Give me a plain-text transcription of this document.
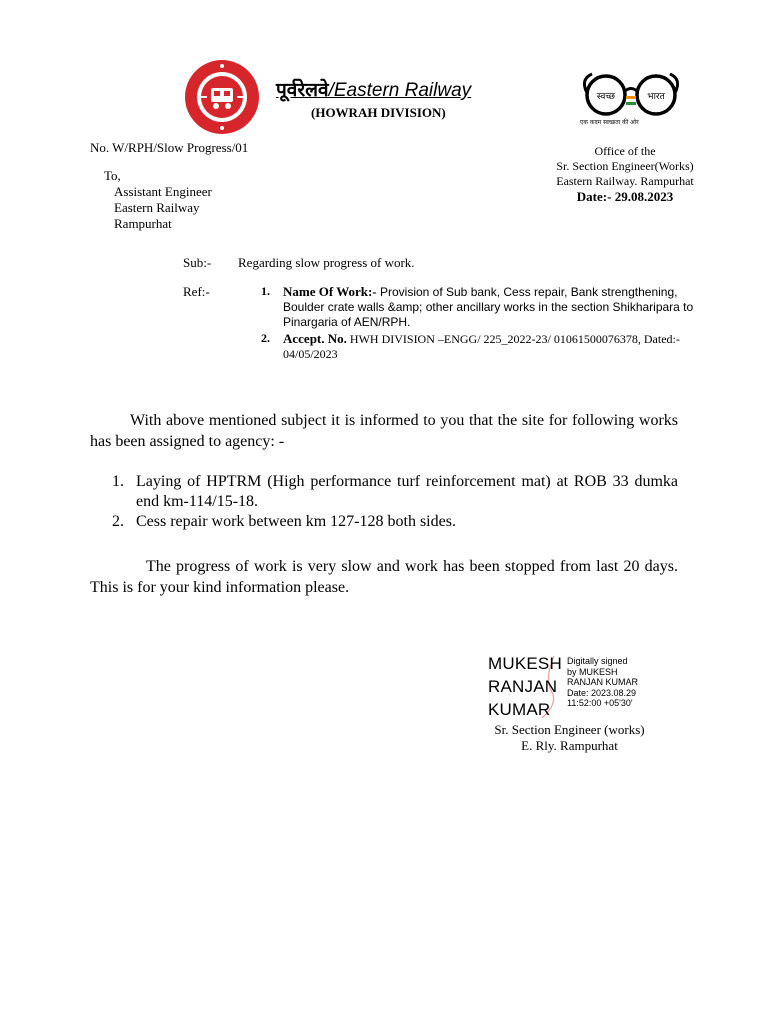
पूर्वरेलवे/Eastern Railway
(HOWRAH DIVISION)
स्वच्छ	भारत
एक कदम स्वच्छता की ओर
No. W/RPH/Slow Progress/01	Office of the
Sr. Section Engineer(Works)
Eastern Railway. Rampurhat
Date:- 29.08.2023
To,
Assistant Engineer
Eastern Railway
Rampurhat
Sub:- Regarding slow progress of work.
Ref:-	1.	Name Of Work:- Provision of Sub bank, Cess repair, Bank strengthening, Boulder crate walls &amp; other ancillary works in the section Shikharipara to Pinargaria of AEN/RPH.
2.	Accept. No. HWH DIVISION –ENGG/ 225_2022-23/ 01061500076378, Dated:- 04/05/2023
   With above mentioned subject it is informed to you that the site for following works has been assigned to agency: -
1. Laying of HPTRM (High performance turf reinforcement mat) at ROB 33 dumka end km-114/15-18.
2. Cess repair work between km 127-128 both sides.
    The progress of work is very slow and work has been stopped from last 20 days. This is for your kind information please.
MUKESH
RANJAN
KUMAR
Digitally signed
by MUKESH
RANJAN KUMAR
Date: 2023.08.29
11:52:00 +05'30'
Sr. Section Engineer (works)
E. Rly. Rampurhat
